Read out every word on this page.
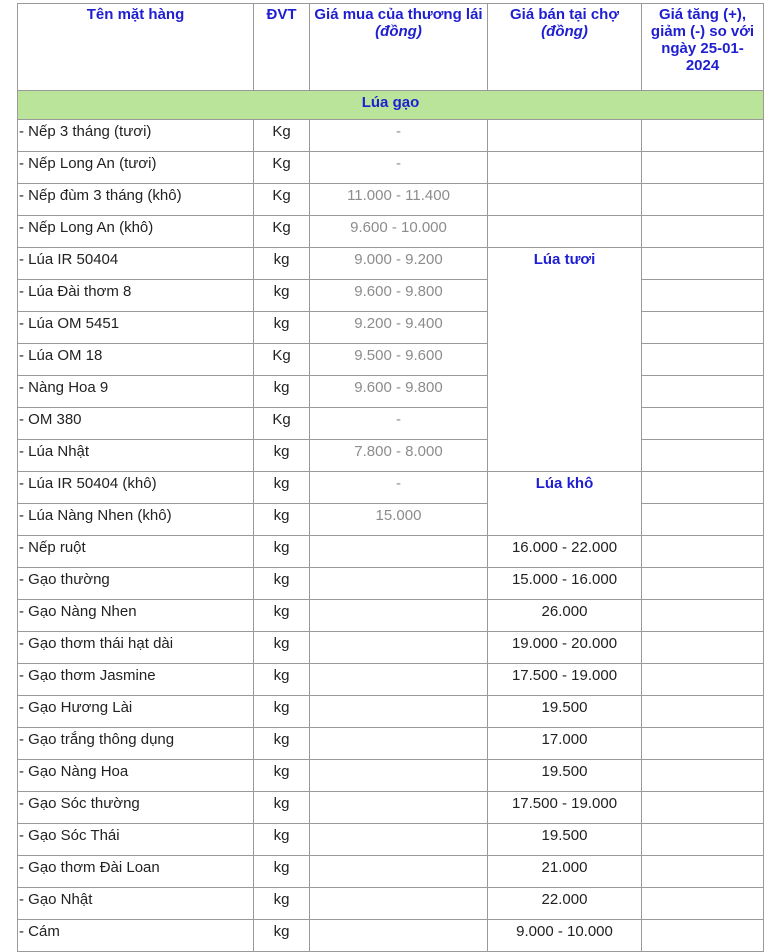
Tên mặt hàng	ĐVT	Giá mua của thương lái (đồng)	Giá bán tại chợ
(đồng)	Giá tăng (+), giảm (-) so với ngày 25-01-2024
Lúa gạo				
- Nếp 3 tháng (tươi)	Kg	-		
- Nếp Long An (tươi)	Kg	-		
- Nếp đùm 3 tháng (khô)	Kg	11.000 - 11.400		
- Nếp Long An (khô)	Kg	9.600 - 10.000		
- Lúa IR 50404	kg	9.000 - 9.200	Lúa tươi	
- Lúa Đài thơm 8	kg	9.600 - 9.800		
- Lúa OM 5451	kg	9.200 - 9.400		
- Lúa OM 18	Kg	9.500 - 9.600		
- Nàng Hoa 9	kg	9.600 - 9.800		
- OM 380	Kg	-		
- Lúa Nhật	kg	7.800 - 8.000		
- Lúa IR 50404 (khô)	kg	-	Lúa khô	
- Lúa Nàng Nhen (khô)	kg	15.000		
- Nếp ruột	kg		16.000 - 22.000	
- Gạo thường	kg		15.000 - 16.000	
- Gạo Nàng Nhen	kg		26.000	
- Gạo thơm thái hạt dài	kg		19.000 - 20.000	
- Gạo thơm Jasmine	kg		17.500 - 19.000	
- Gạo Hương Lài	kg		19.500	
- Gạo trắng thông dụng	kg		17.000	
- Gạo Nàng Hoa	kg		19.500	
- Gạo Sóc thường	kg		17.500 - 19.000	
- Gạo Sóc Thái	kg		19.500	
- Gạo thơm Đài Loan	kg		21.000	
- Gạo Nhật	kg		22.000	
- Cám	kg		9.000 - 10.000	
